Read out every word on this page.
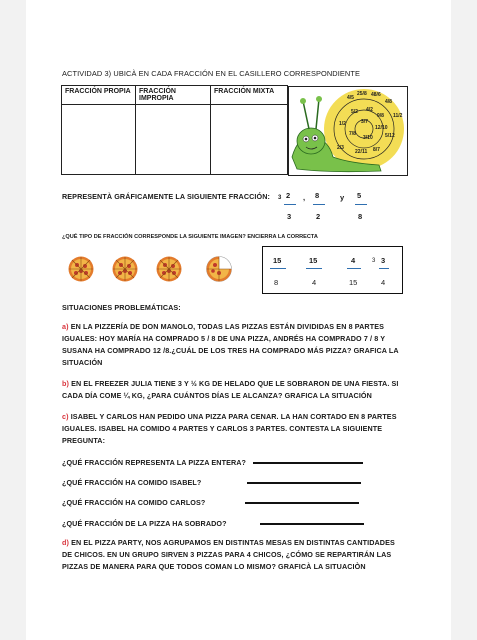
ACTIVIDAD 3) UBICÀ EN CADA FRACCIÓN EN EL CASILLERO CORRESPONDIENTE
FRACCIÓN PROPIA	FRACCIÓN IMPROPIA	FRACCIÓN MIXTA

4/5
25/8 48/6
4/8
11/2
5/2 4/2
9/8
1/2	3/7
12/10
7/8
3/10 5/12
2/3
22/11 8/7
REPRESENTÀ GRÁFICAMENTE LA SIGUIENTE FRACCIÓN: 3 2
3
, 8
2
y 5
8
¿QUÉ TIPO DE FRACCIÓN CORRESPONDE LA SIGUIENTE IMAGEN? ENCIERRA LA CORRECTA
15
8
15
4
4
15
3 3
4
SITUACIONES PROBLEMÁTICAS:
a) EN LA PIZZERÍA DE DON MANOLO, TODAS LAS PIZZAS ESTÁN DIVIDIDAS EN 8 PARTES IGUALES: HOY MARÍA HA COMPRADO 5 / 8 DE UNA PIZZA, ANDRÉS HA COMPRADO 7 / 8 Y SUSANA HA COMPRADO 12 /8.¿CUÁL DE LOS TRES HA COMPRADO MÁS PIZZA? GRAFICA LA SITUACIÓN
b) EN EL FREEZER JULIA TIENE 3 Y ½ KG DE HELADO QUE LE SOBRARON DE UNA FIESTA. SI CADA DÍA COME ¼ KG, ¿PARA CUÁNTOS DÍAS LE ALCANZA? GRAFICA LA SITUACIÓN
c) ISABEL Y CARLOS HAN PEDIDO UNA PIZZA PARA CENAR. LA HAN CORTADO EN 8 PARTES IGUALES. ISABEL HA COMIDO 4 PARTES Y CARLOS 3 PARTES. CONTESTA LA SIGUIENTE PREGUNTA:
¿QUÉ FRACCIÓN REPRESENTA LA PIZZA ENTERA?
¿QUÉ FRACCIÓN HA COMIDO ISABEL?
¿QUÉ FRACCIÓN HA COMIDO CARLOS?
¿QUÉ FRACCIÓN DE LA PIZZA HA SOBRADO?
d) EN EL PIZZA PARTY, NOS AGRUPAMOS EN DISTINTAS MESAS EN DISTINTAS CANTIDADES DE CHICOS. EN UN GRUPO SIRVEN 3 PIZZAS PARA 4 CHICOS, ¿CÓMO SE REPARTIRÁN LAS PIZZAS DE MANERA PARA QUE TODOS COMAN LO MISMO? GRAFICÀ LA SITUACIÒN
